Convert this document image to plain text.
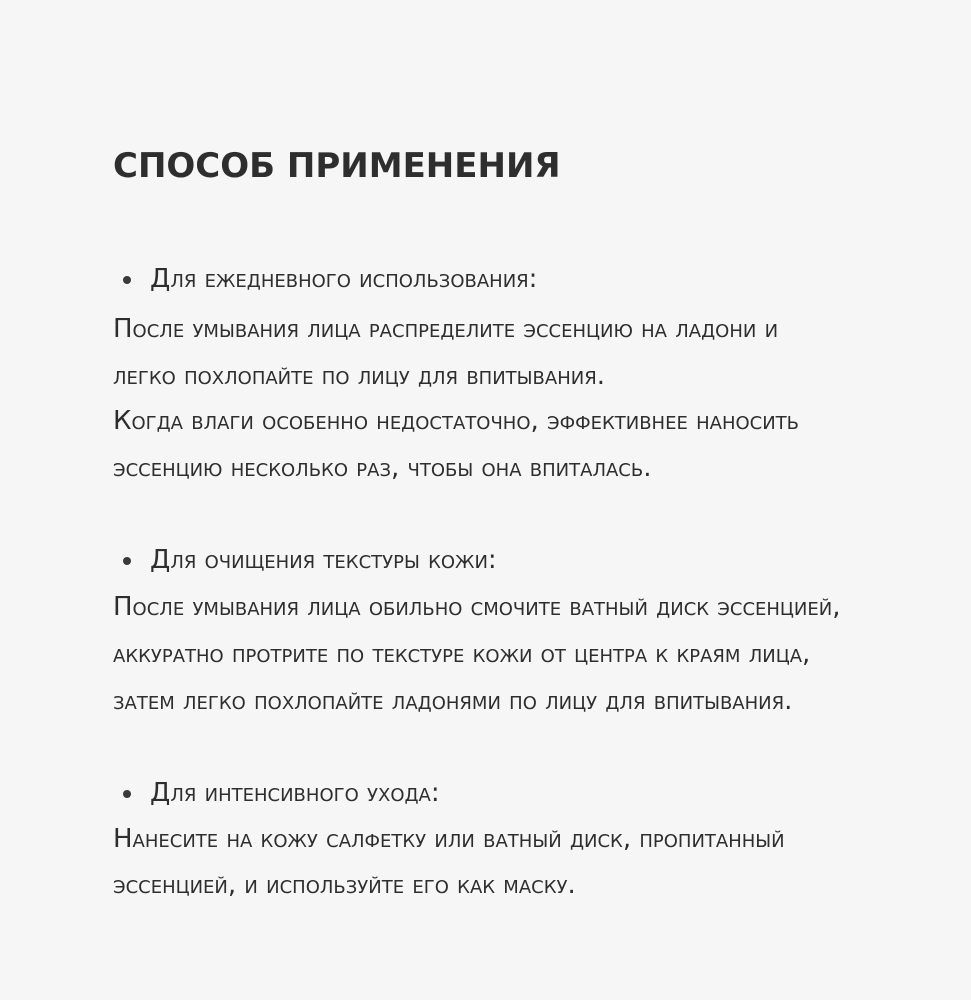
СПОСОБ ПРИМЕНЕНИЯ
Для ежедневного использования:
После умывания лица распределите эссенцию на ладони и
легко похлопайте по лицу для впитывания.
Когда влаги особенно недостаточно, эффективнее наносить
эссенцию несколько раз, чтобы она впиталась.
Для очищения текстуры кожи:
После умывания лица обильно смочите ватный диск эссенцией,
аккуратно протрите по текстуре кожи от центра к краям лица,
затем легко похлопайте ладонями по лицу для впитывания.
Для интенсивного ухода:
Нанесите на кожу салфетку или ватный диск, пропитанный
эссенцией, и используйте его как маску.
